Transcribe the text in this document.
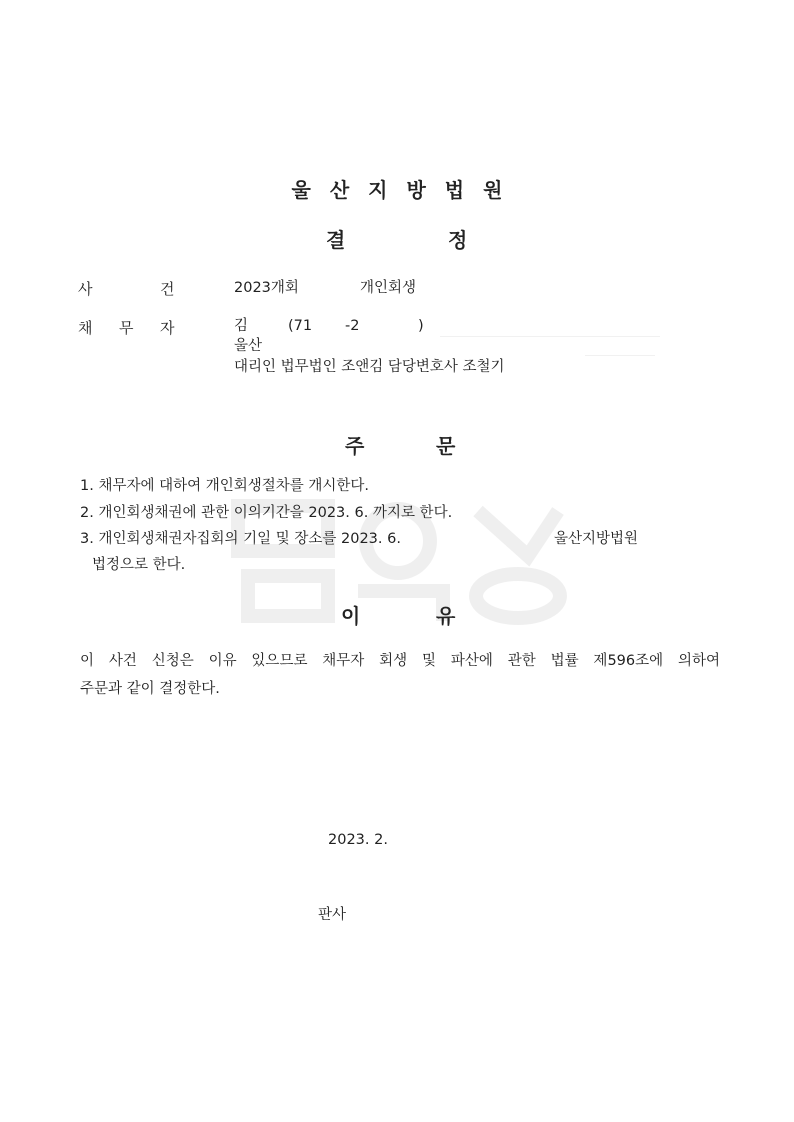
울산지방법원
결	정
사	건	2023개회	개인회생
채 무 자	김	(71 -2	)
울산
대리인 법무법인 조앤김 담당변호사 조철기
주	문
1. 채무자에 대하여 개인회생절차를 개시한다.
2. 개인회생채권에 관한 이의기간을 2023. 6. 까지로 한다.
3. 개인회생채권자집회의 기일 및 장소를 2023. 6.	울산지방법원
법정으로 한다.
이	유
이 사건 신청은 이유 있으므로 채무자 회생 및 파산에 관한 법률 제596조에 의하여
주문과 같이 결정한다.
2023. 2.
판사
